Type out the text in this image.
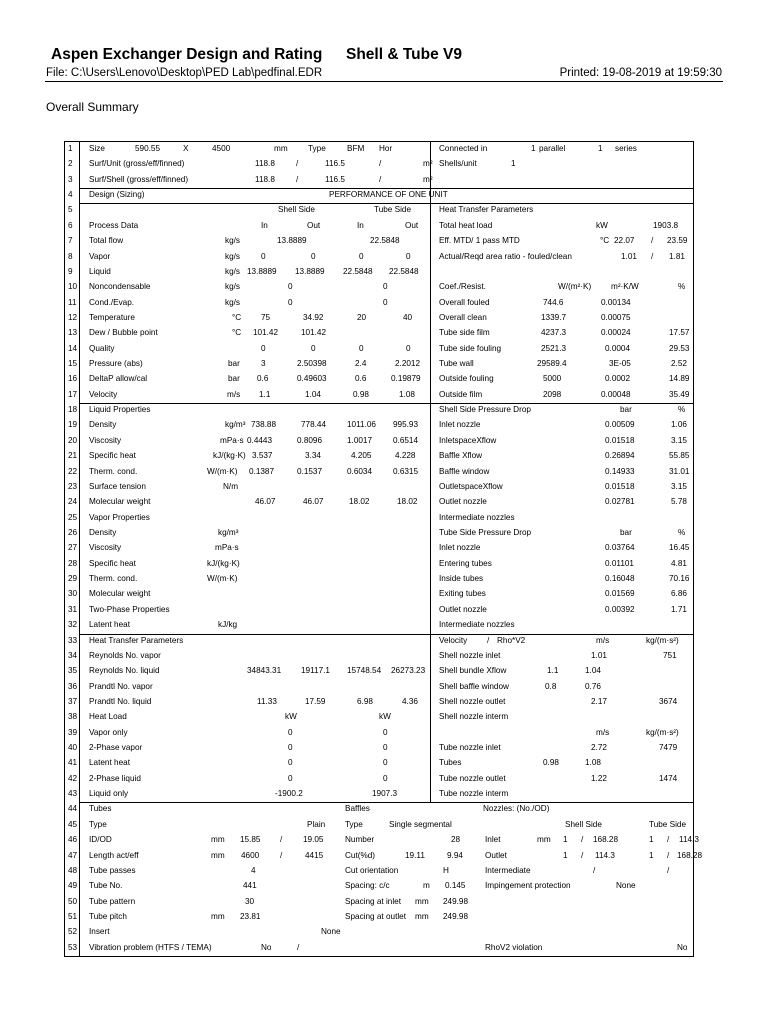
Aspen Exchanger Design and Rating Shell & Tube V9
File: C:\Users\Lenovo\Desktop\PED Lab\pedfinal.EDR	Printed: 19-08-2019 at 19:59:30
Overall Summary
1 Size	590.55	X	4500	mm Type	BFM Hor	Connected in	1 parallel	1 series
2 Surf/Unit (gross/eff/finned)	118.8	/	116.5	/	m² Shells/unit	1
3 Surf/Shell (gross/eff/finned)	118.8	/	116.5	/	m²
4 Design (Sizing)	PERFORMANCE OF ONE UNIT
5	Shell Side	Tube Side	Heat Transfer Parameters
6 Process Data	In	Out	In	Out	Total heat load	kW	1903.8
7 Total flow	kg/s	13.8889	22.5848	Eff. MTD/ 1 pass MTD	°C 22.07 / 23.59
8 Vapor	kg/s	0	0	0	0	Actual/Reqd area ratio - fouled/clean	1.01 / 1.81
9 Liquid	kg/s 13.8889 13.8889 22.5848 22.5848
10 Noncondensable	kg/s	0	0	Coef./Resist.	W/(m²·K) m²·K/W	%
11 Cond./Evap.	kg/s	0	0	Overall fouled	744.6	0.00134
12 Temperature	°C 75	34.92	20	40	Overall clean	1339.7	0.00075
13 Dew / Bubble point	°C 101.42	101.42	Tube side film	4237.3	0.00024	17.57
14 Quality	0	0	0	0	Tube side fouling	2521.3	0.0004	29.53
15 Pressure (abs)	bar	3	2.50398	2.4	2.2012 Tube wall	29589.4	3E-05	2.52
16 DeltaP allow/cal	bar 0.6	0.49603	0.6	0.19879 Outside fouling	5000	0.0002	14.89
17 Velocity	m/s 1.1	1.04	0.98	1.08	Outside film	2098	0.00048	35.49
18 Liquid Properties	Shell Side Pressure Drop	bar	%
19 Density	kg/m³ 738.88	778.44	1011.06 995.93	Inlet nozzle	0.00509	1.06
20 Viscosity	mPa·s 0.4443	0.8096	1.0017	0.6514	InletspaceXflow	0.01518	3.15
21 Specific heat	kJ/(kg·K) 3.537	3.34	4.205	4.228	Baffle Xflow	0.26894	55.85
22 Therm. cond.	W/(m·K) 0.1387	0.1537	0.6034	0.6315	Baffle window	0.14933	31.01
23 Surface tension	N/m	OutletspaceXflow	0.01518	3.15
24 Molecular weight	46.07	46.07	18.02	18.02	Outlet nozzle	0.02781	5.78
25 Vapor Properties	Intermediate nozzles
26 Density	kg/m³	Tube Side Pressure Drop	bar	%
27 Viscosity	mPa·s	Inlet nozzle	0.03764	16.45
28 Specific heat	kJ/(kg·K)	Entering tubes	0.01101	4.81
29 Therm. cond.	W/(m·K)	Inside tubes	0.16048	70.16
30 Molecular weight	Exiting tubes	0.01569	6.86
31 Two-Phase Properties	Outlet nozzle	0.00392	1.71
32 Latent heat	kJ/kg	Intermediate nozzles
33 Heat Transfer Parameters	Velocity / Rho*V2	m/s	kg/(m·s²)
34 Reynolds No. vapor	Shell nozzle inlet	1.01	751
35 Reynolds No. liquid	34843.31 19117.1 15748.54 26273.23 Shell bundle Xflow	1.1	1.04
36 Prandtl No. vapor	Shell baffle window	0.8	0.76
37 Prandtl No. liquid	11.33	17.59	6.98	4.36	Shell nozzle outlet	2.17	3674
38 Heat Load	kW	kW	Shell nozzle interm
39 Vapor only	0	0	m/s	kg/(m·s²)
40 2-Phase vapor	0	0	Tube nozzle inlet	2.72	7479
41 Latent heat	0	0	Tubes	0.98	1.08
42 2-Phase liquid	0	0	Tube nozzle outlet	1.22	1474
43 Liquid only	-1900.2	1907.3	Tube nozzle interm
44 Tubes	Baffles	Nozzles: (No./OD)
45 Type	Plain Type	Single segmental	Shell Side	Tube Side
46 ID/OD	mm 15.85 /	19.05	Number	28	Inlet	mm 1 / 168.28	1 / 114.3
47 Length act/eff	mm 4600	/	4415	Cut(%d)	19.11	9.94	Outlet	1 / 114.3	1 / 168.28
48 Tube passes	4	Cut orientation	H	Intermediate	/	/
49 Tube No.	441	Spacing: c/c	m 0.145 Impingement protection	None
50 Tube pattern	30	Spacing at inlet mm 249.98
51 Tube pitch	mm 23.81	Spacing at outlet mm 249.98
52 Insert	None
53 Vibration problem (HTFS / TEMA)	No	/	RhoV2 violation	No
